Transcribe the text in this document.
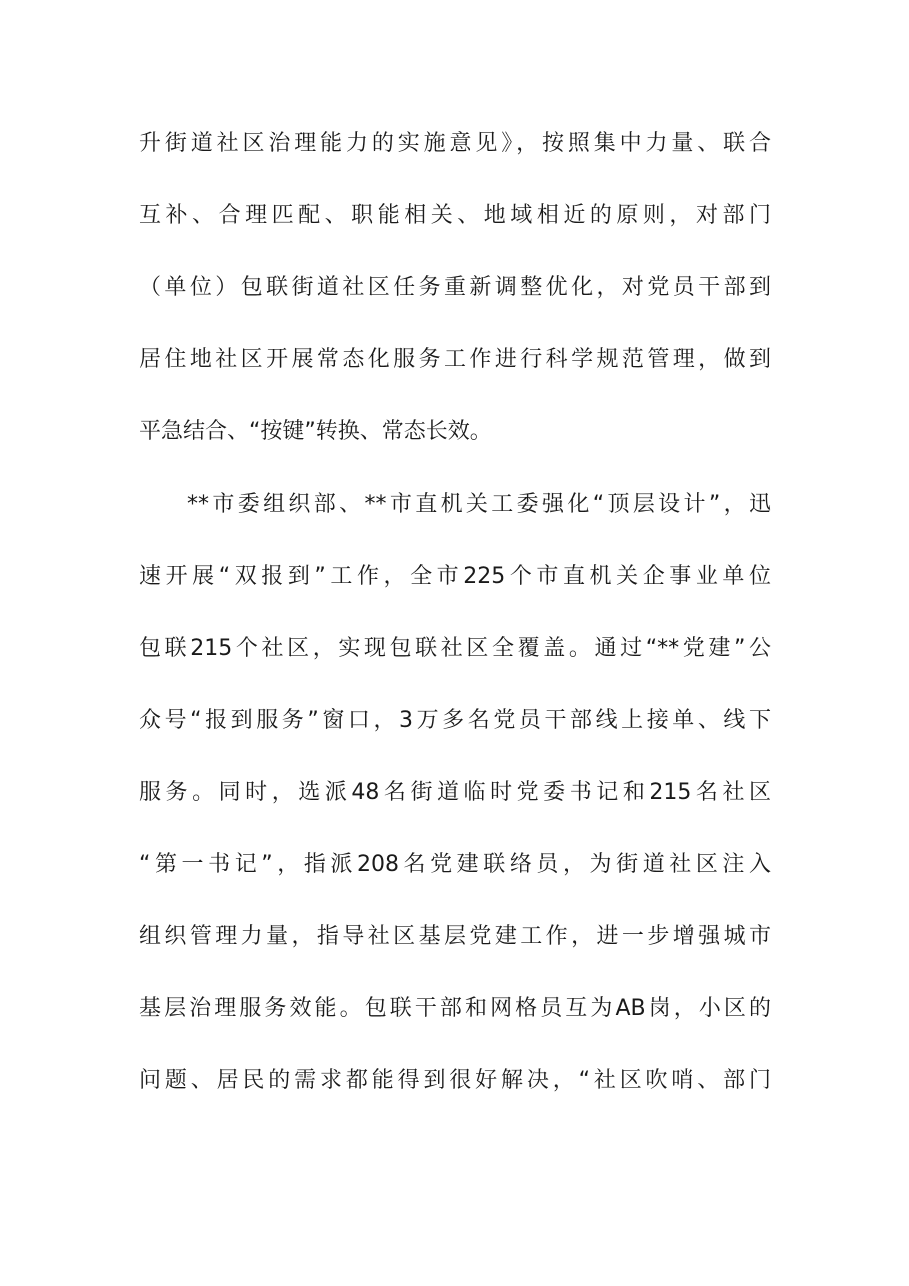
升街道社区治理能力的实施意见》，按照集中力量、联合
互补、合理匹配、职能相关、地域相近的原则，对部门
（单位）包联街道社区任务重新调整优化，对党员干部到
居住地社区开展常态化服务工作进行科学规范管理，做到
平急结合、“按键”转换、常态长效。
**市委组织部、**市直机关工委强化“顶层设计”，迅
速开展“双报到”工作，全市225个市直机关企事业单位
包联215个社区，实现包联社区全覆盖。通过“**党建”公
众号“报到服务”窗口，3万多名党员干部线上接单、线下
服务。同时，选派48名街道临时党委书记和215名社区
“第一书记”，指派208名党建联络员，为街道社区注入
组织管理力量，指导社区基层党建工作，进一步增强城市
基层治理服务效能。包联干部和网格员互为AB岗，小区的
问题、居民的需求都能得到很好解决，“社区吹哨、部门
